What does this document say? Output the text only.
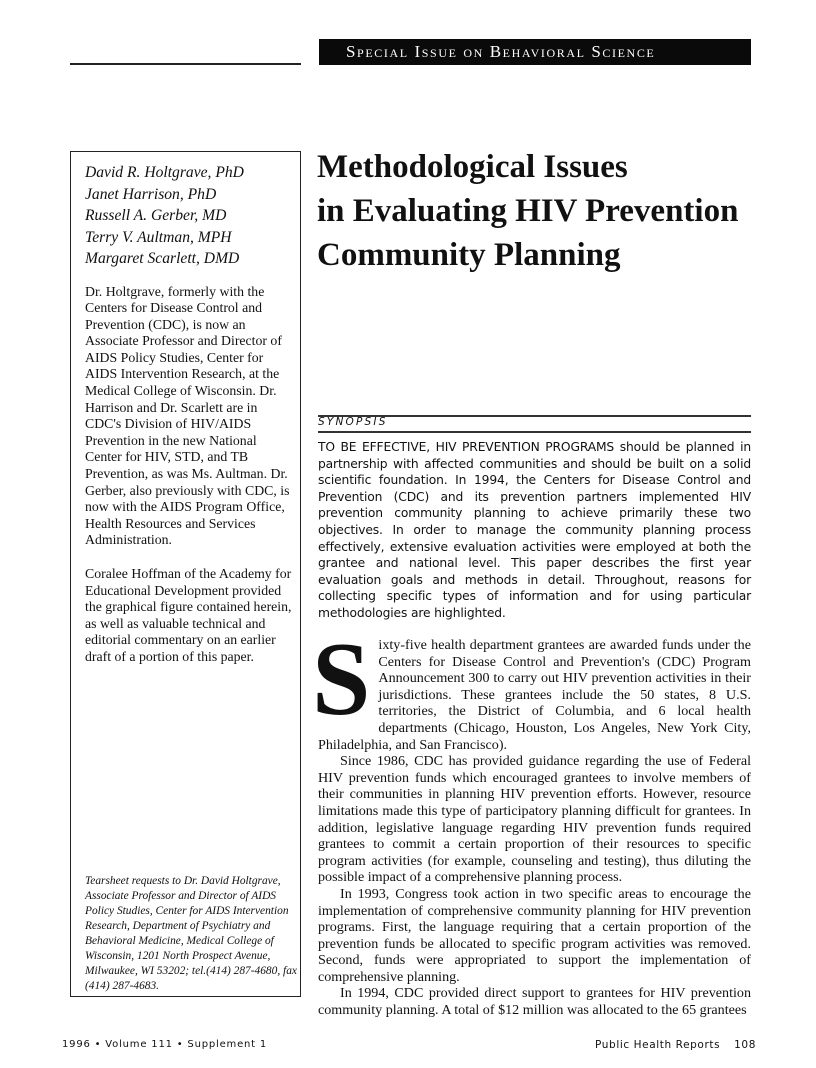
Special Issue on Behavioral Science
David R. Holtgrave, PhD
Janet Harrison, PhD
Russell A. Gerber, MD
Terry V. Aultman, MPH
Margaret Scarlett, DMD

Dr. Holtgrave, formerly with the Centers for Disease Control and Prevention (CDC), is now an Associate Professor and Director of AIDS Policy Studies, Center for AIDS Intervention Research, at the Medical College of Wisconsin. Dr. Harrison and Dr. Scarlett are in CDC's Division of HIV/AIDS Prevention in the new National Center for HIV, STD, and TB Prevention, as was Ms. Aultman. Dr. Gerber, also previously with CDC, is now with the AIDS Program Office, Health Resources and Services Administration.

Coralee Hoffman of the Academy for Educational Development provided the graphical figure contained herein, as well as valuable technical and editorial commentary on an earlier draft of a portion of this paper.

Tearsheet requests to Dr. David Holtgrave, Associate Professor and Director of AIDS Policy Studies, Center for AIDS Intervention Research, Department of Psychiatry and Behavioral Medicine, Medical College of Wisconsin, 1201 North Prospect Avenue, Milwaukee, WI 53202; tel.(414) 287-4680, fax (414) 287-4683.

Methodological Issues
in Evaluating HIV Prevention
Community Planning
SYNOPSIS

TO BE EFFECTIVE, HIV PREVENTION PROGRAMS should be planned in partnership with affected communities and should be built on a solid scientific foundation. In 1994, the Centers for Disease Control and Prevention (CDC) and its prevention partners implemented HIV prevention community planning to achieve primarily these two objectives. In order to manage the community planning process effectively, extensive evaluation activities were employed at both the grantee and national level. This paper describes the first year evaluation goals and methods in detail. Throughout, reasons for collecting specific types of information and for using particular methodologies are highlighted.

Sixty-five health department grantees are awarded funds under the Centers for Disease Control and Prevention's (CDC) Program Announcement 300 to carry out HIV prevention activities in their jurisdictions. These grantees include the 50 states, 8 U.S. territories, the District of Columbia, and 6 local health departments (Chicago, Houston, Los Angeles, New York City, Philadelphia, and San Francisco).

Since 1986, CDC has provided guidance regarding the use of Federal HIV prevention funds which encouraged grantees to involve members of their communities in planning HIV prevention efforts. However, resource limitations made this type of participatory planning difficult for grantees. In addition, legislative language regarding HIV prevention funds required grantees to commit a certain proportion of their resources to specific program activities (for example, counseling and testing), thus diluting the possible impact of a comprehensive planning process.

In 1993, Congress took action in two specific areas to encourage the implementation of comprehensive community planning for HIV prevention programs. First, the language requiring that a certain proportion of the prevention funds be allocated to specific program activities was removed. Second, funds were appropriated to support the implementation of comprehensive planning.

In 1994, CDC provided direct support to grantees for HIV prevention community planning. A total of $12 million was allocated to the 65 grantees

1996 • Volume 111 • Supplement 1	Public Health Reports 108
